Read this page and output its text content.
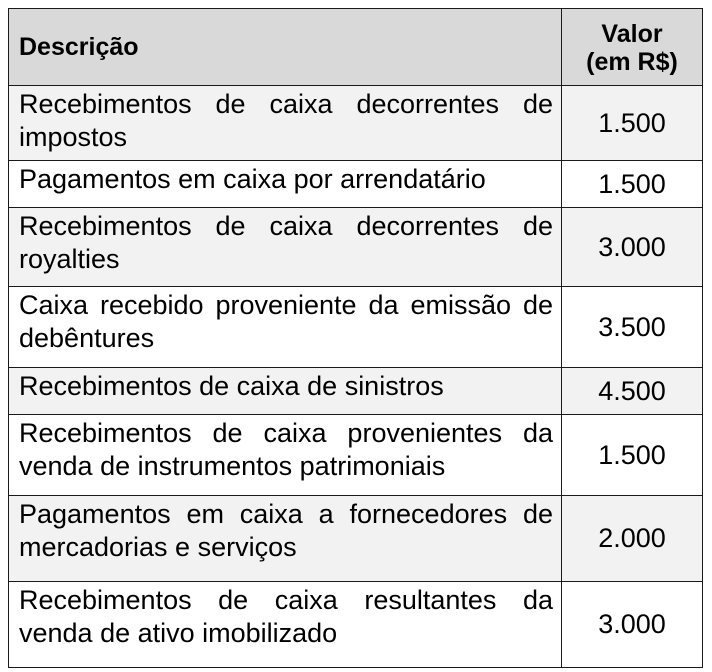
Descrição	Valor
(em R$)

Recebimentos de caixa decorrentes de impostos	1.500
Pagamentos em caixa por arrendatário	1.500
Recebimentos de caixa decorrentes de royalties	3.000
Caixa recebido proveniente da emissão de debêntures	3.500
Recebimentos de caixa de sinistros	4.500
Recebimentos de caixa provenientes da venda de instrumentos patrimoniais	1.500
Pagamentos em caixa a fornecedores de mercadorias e serviços	2.000
Recebimentos de caixa resultantes da venda de ativo imobilizado	3.000
